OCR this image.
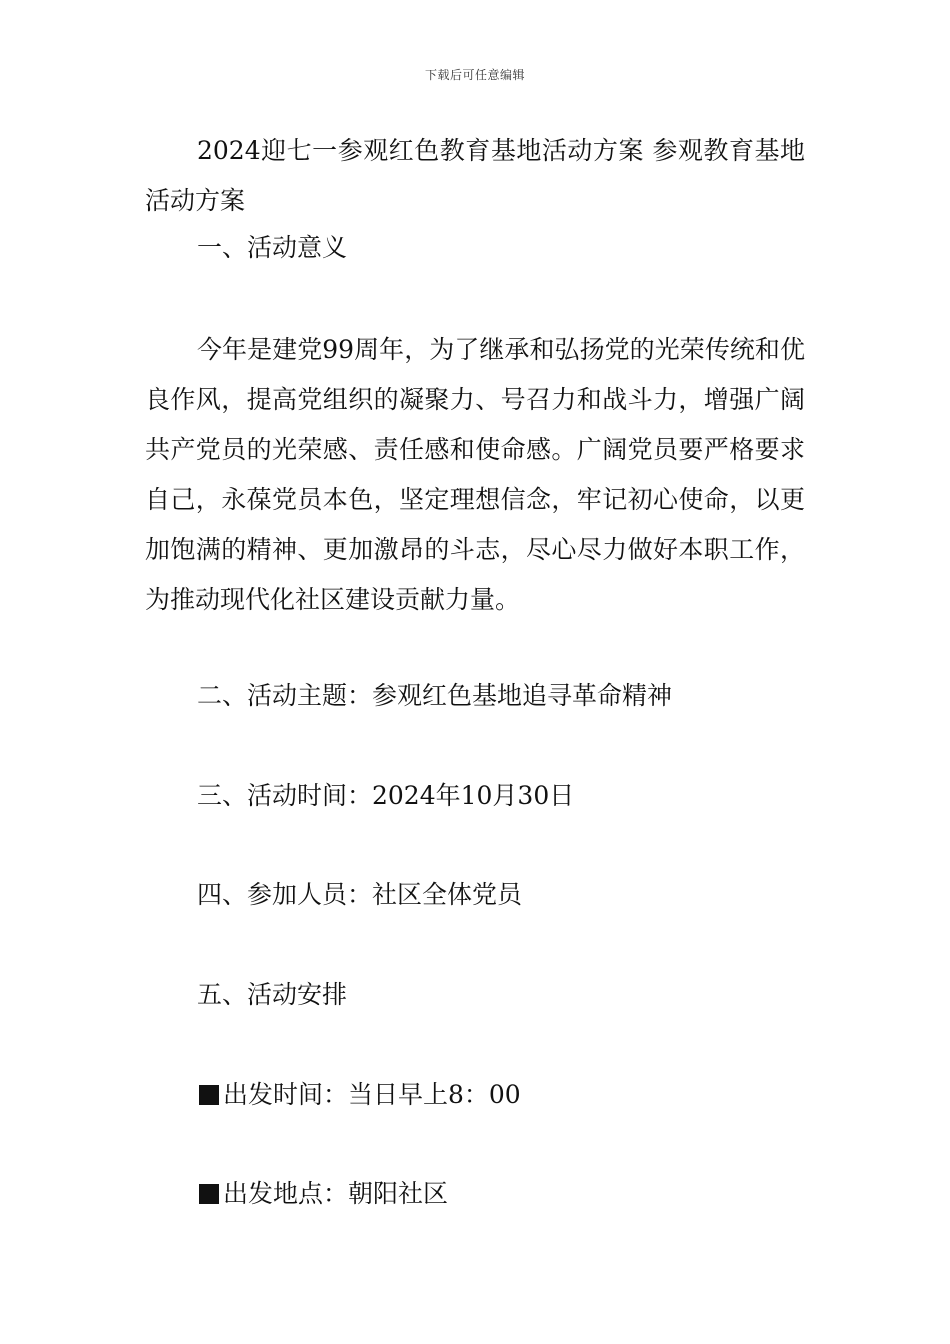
下载后可任意编辑

2024迎七一参观红色教育基地活动方案 参观教育基地活动方案

一、活动意义

今年是建党99周年，为了继承和弘扬党的光荣传统和优良作风，提高党组织的凝聚力、号召力和战斗力，增强广阔共产党员的光荣感、责任感和使命感。广阔党员要严格要求自己，永葆党员本色，坚定理想信念，牢记初心使命，以更加饱满的精神、更加激昂的斗志，尽心尽力做好本职工作，为推动现代化社区建设贡献力量。

二、活动主题：参观红色基地追寻革命精神

三、活动时间：2024年10月30日

四、参加人员：社区全体党员

五、活动安排

出发时间：当日早上8：00

出发地点：朝阳社区
